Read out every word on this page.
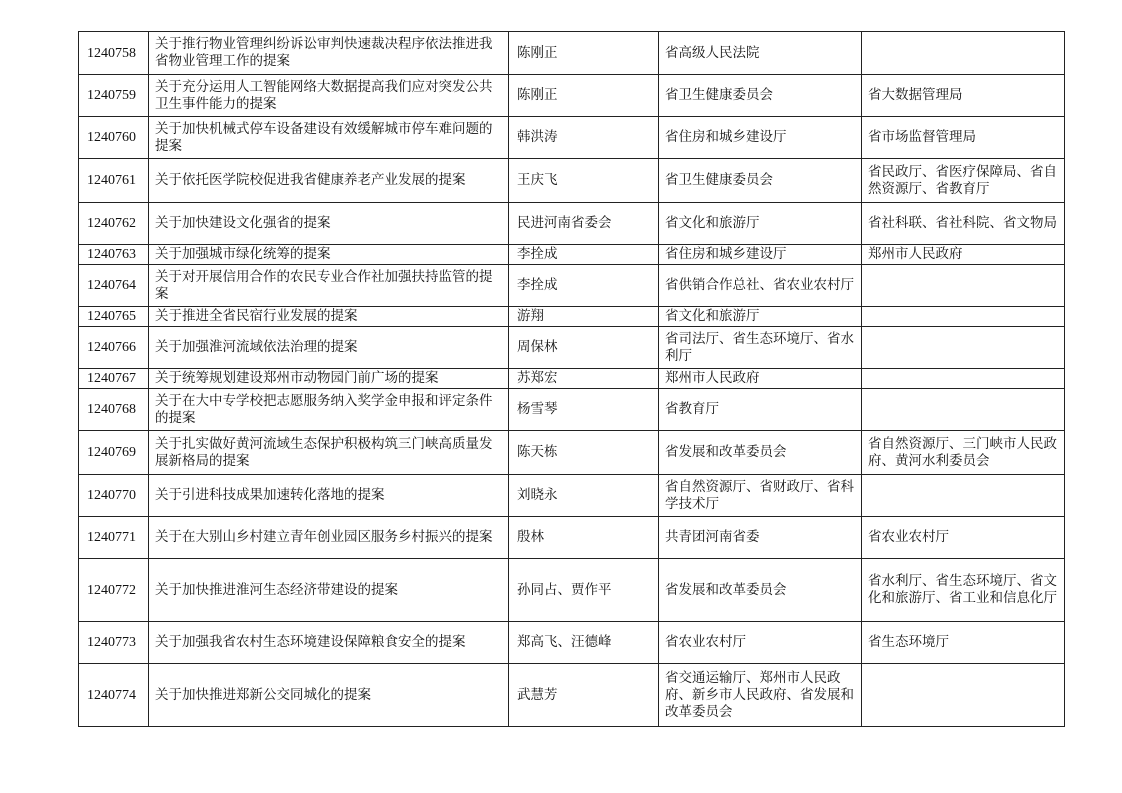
1240758	关于推行物业管理纠纷诉讼审判快速裁决程序依法推进我省物业管理工作的提案	陈刚正	省高级人民法院	
1240759	关于充分运用人工智能网络大数据提高我们应对突发公共卫生事件能力的提案	陈刚正	省卫生健康委员会	省大数据管理局
1240760	关于加快机械式停车设备建设有效缓解城市停车难问题的提案	韩洪涛	省住房和城乡建设厅	省市场监督管理局
1240761	关于依托医学院校促进我省健康养老产业发展的提案	王庆飞	省卫生健康委员会	省民政厅、省医疗保障局、省自然资源厅、省教育厅
1240762	关于加快建设文化强省的提案	民进河南省委会	省文化和旅游厅	省社科联、省社科院、省文物局
1240763	关于加强城市绿化统筹的提案	李拴成	省住房和城乡建设厅	郑州市人民政府
1240764	关于对开展信用合作的农民专业合作社加强扶持监管的提案	李拴成	省供销合作总社、省农业农村厅	
1240765	关于推进全省民宿行业发展的提案	游翔	省文化和旅游厅	
1240766	关于加强淮河流域依法治理的提案	周保林	省司法厅、省生态环境厅、省水利厅	
1240767	关于统筹规划建设郑州市动物园门前广场的提案	苏郑宏	郑州市人民政府	
1240768	关于在大中专学校把志愿服务纳入奖学金申报和评定条件的提案	杨雪琴	省教育厅	
1240769	关于扎实做好黄河流域生态保护积极构筑三门峡高质量发展新格局的提案	陈天栋	省发展和改革委员会	省自然资源厅、三门峡市人民政府、黄河水利委员会
1240770	关于引进科技成果加速转化落地的提案	刘晓永	省自然资源厅、省财政厅、省科学技术厅	
1240771	关于在大别山乡村建立青年创业园区服务乡村振兴的提案	殷林	共青团河南省委	省农业农村厅
1240772	关于加快推进淮河生态经济带建设的提案	孙同占、贾作平	省发展和改革委员会	省水利厅、省生态环境厅、省文化和旅游厅、省工业和信息化厅
1240773	关于加强我省农村生态环境建设保障粮食安全的提案	郑高飞、汪德峰	省农业农村厅	省生态环境厅
1240774	关于加快推进郑新公交同城化的提案	武慧芳	省交通运输厅、郑州市人民政府、新乡市人民政府、省发展和改革委员会	
